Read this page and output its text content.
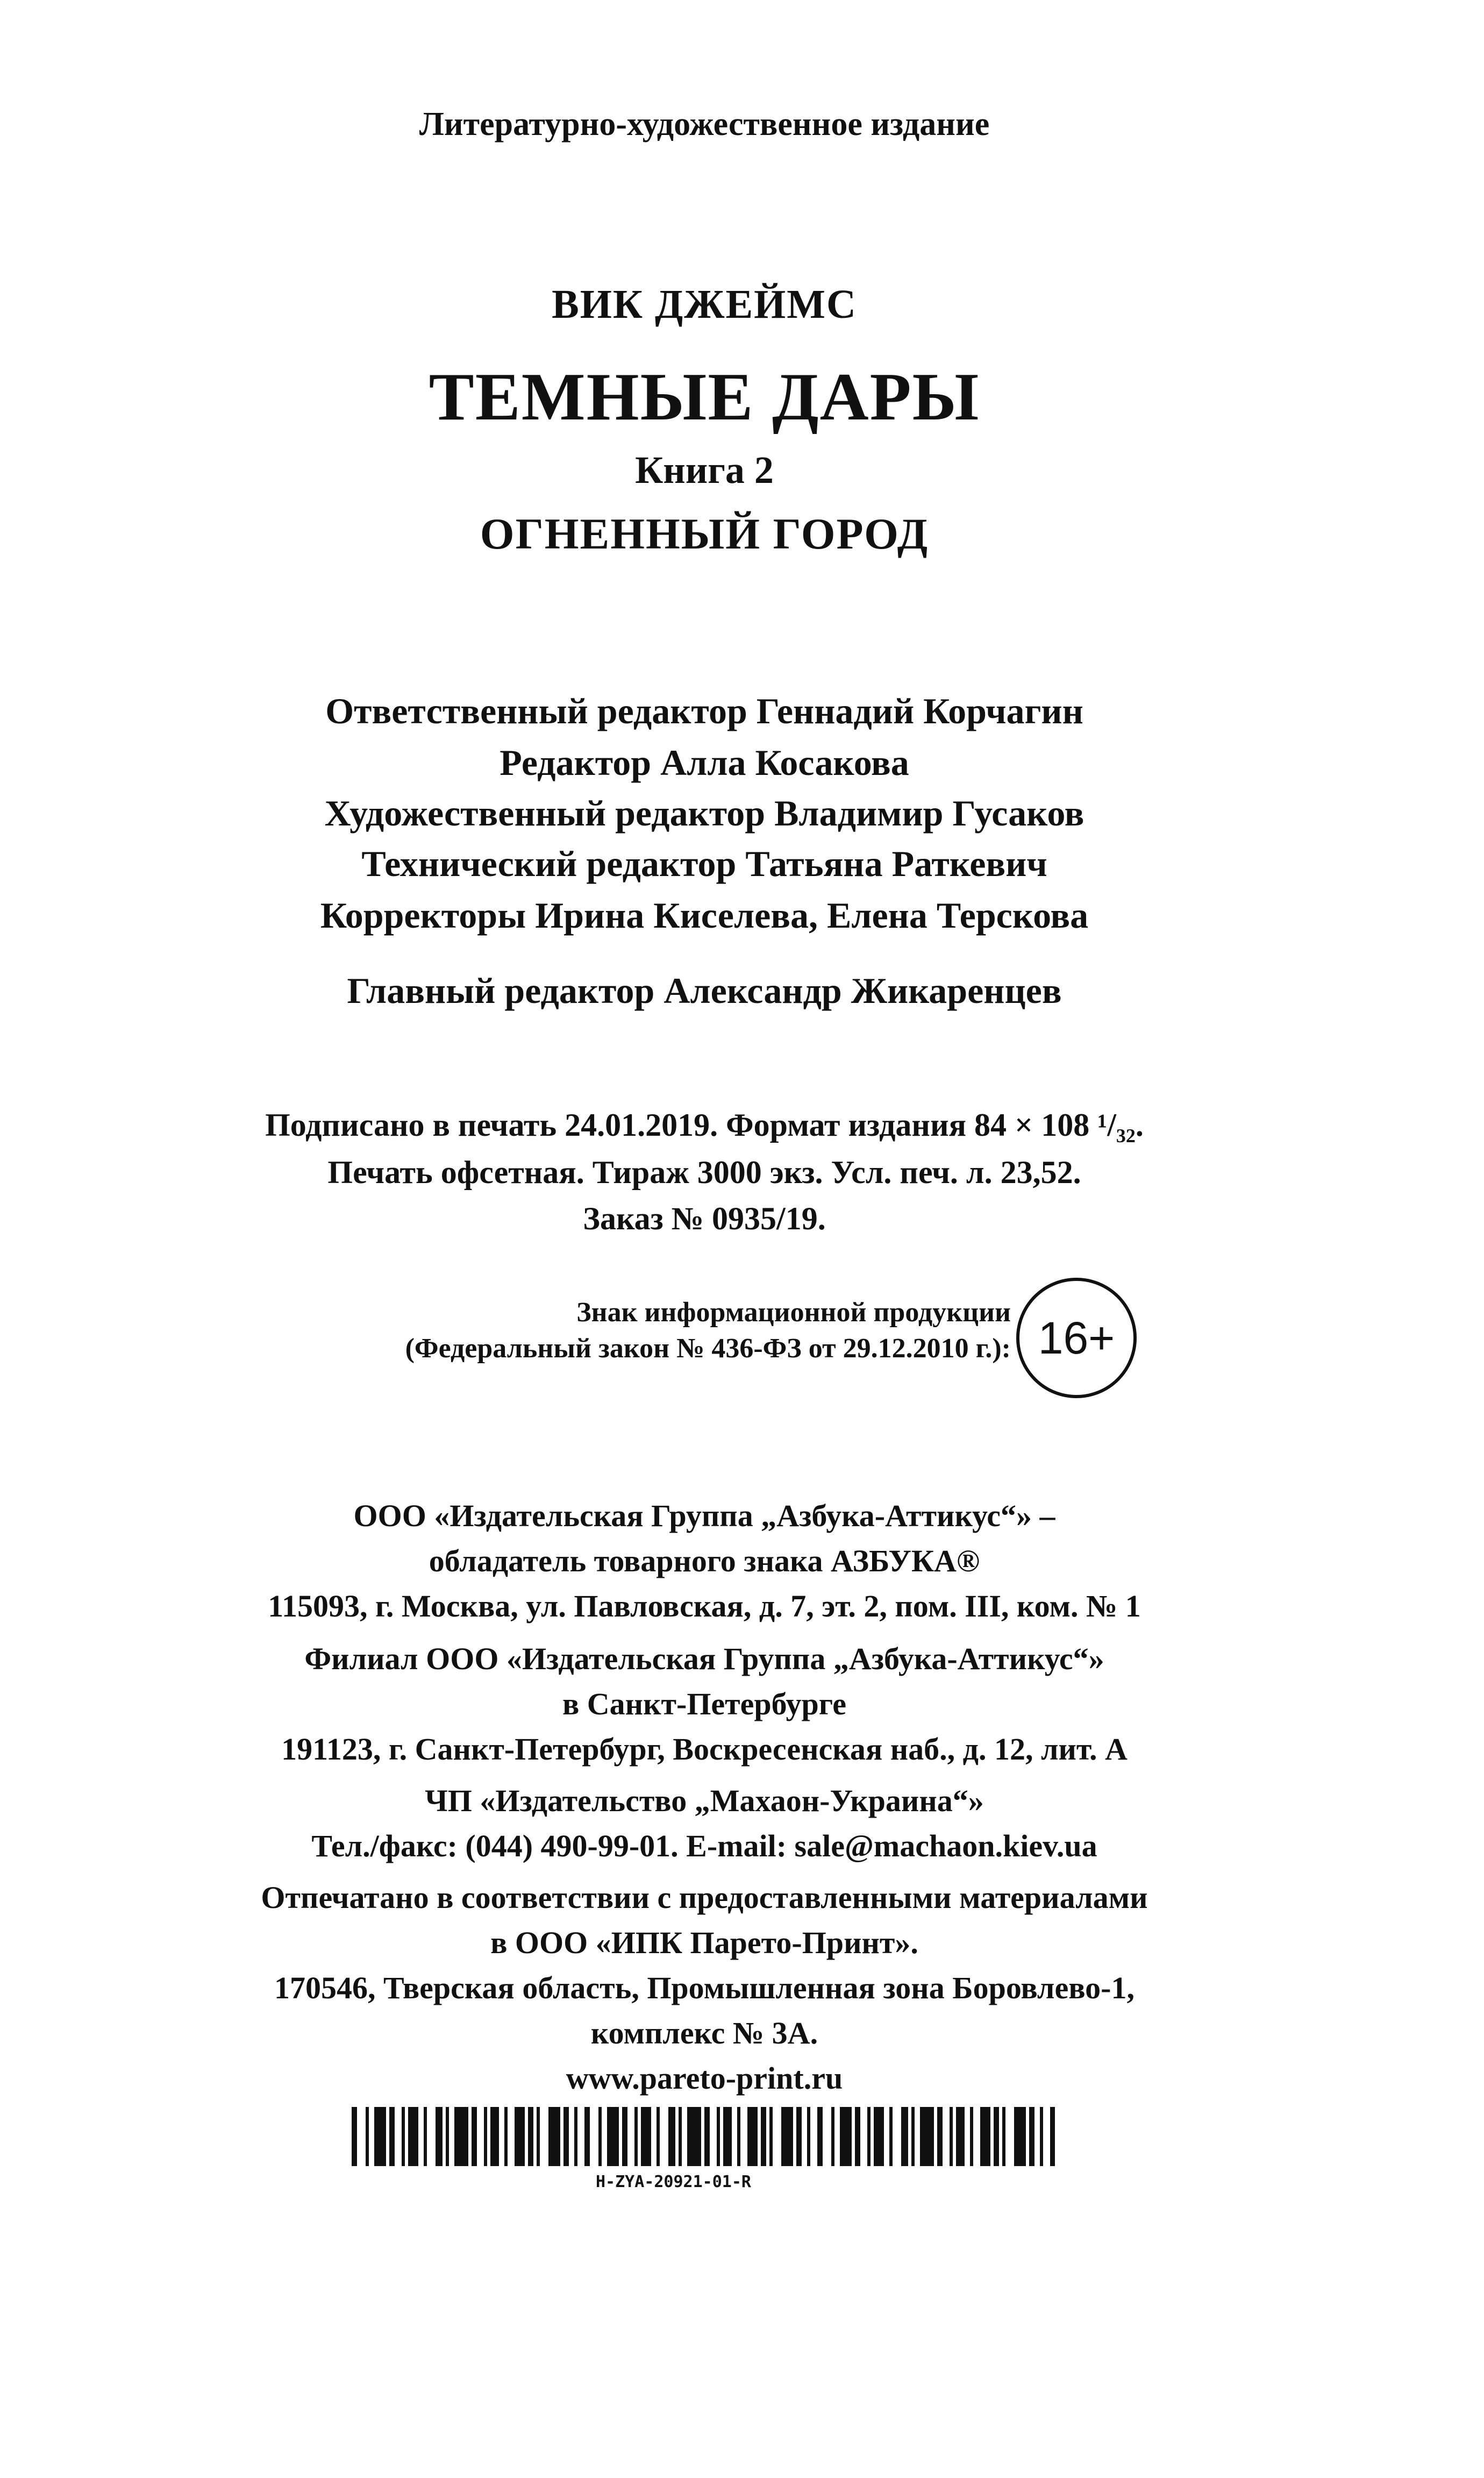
Литературно-художественное издание
ВИК ДЖЕЙМС
ТЕМНЫЕ ДАРЫ
Книга 2
ОГНЕННЫЙ ГОРОД
Ответственный редактор Геннадий Корчагин
Редактор Алла Косакова
Художественный редактор Владимир Гусаков
Технический редактор Татьяна Раткевич
Корректоры Ирина Киселева, Елена Терскова
Главный редактор Александр Жикаренцев
Подписано в печать 24.01.2019. Формат издания 84 × 108 ¹/₃₂.
Печать офсетная. Тираж 3000 экз. Усл. печ. л. 23,52.
Заказ № 0935/19.
Знак информационной продукции
(Федеральный закон № 436-ФЗ от 29.12.2010 г.): 16+
ООО «Издательская Группа „Азбука-Аттикус“» –
обладатель товарного знака АЗБУКА®
115093, г. Москва, ул. Павловская, д. 7, эт. 2, пом. III, ком. № 1
Филиал ООО «Издательская Группа „Азбука-Аттикус“»
в Санкт-Петербурге
191123, г. Санкт-Петербург, Воскресенская наб., д. 12, лит. А
ЧП «Издательство „Махаон-Украина“»
Тел./факс: (044) 490-99-01. E-mail: sale@machaon.kiev.ua
Отпечатано в соответствии с предоставленными материалами
в ООО «ИПК Парето-Принт».
170546, Тверская область, Промышленная зона Боровлево-1,
комплекс № 3А.
www.pareto-print.ru
H-ZYA-20921-01-R
